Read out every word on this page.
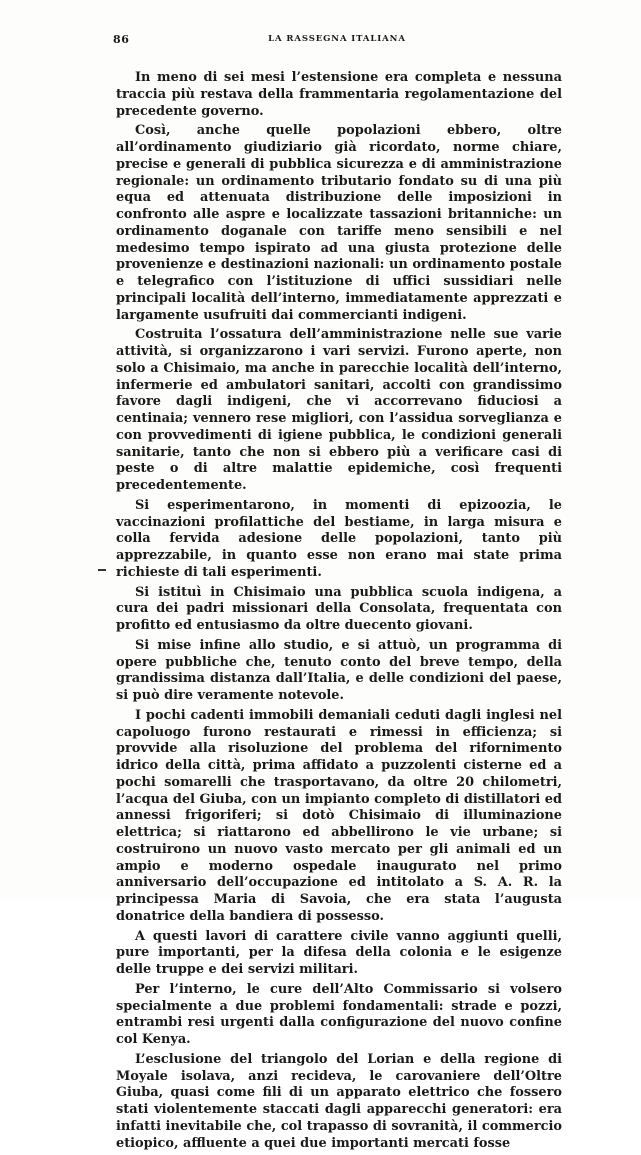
86	LA RASSEGNA ITALIANA

In meno di sei mesi l’estensione era completa e nessuna traccia più restava della frammentaria regolamentazione del precedente governo.

Così, anche quelle popolazioni ebbero, oltre all’ordinamento giudiziario già ricordato, norme chiare, precise e generali di pubblica sicurezza e di amministrazione regionale: un ordinamento tributario fondato su di una più equa ed attenuata distribuzione delle imposizioni in confronto alle aspre e localizzate tassazioni britanniche: un ordinamento doganale con tariffe meno sensibili e nel medesimo tempo ispirato ad una giusta protezione delle provenienze e destinazioni nazionali: un ordinamento postale e telegrafico con l’istituzione di uffici sussidiari nelle principali località dell’interno, immediatamente apprezzati e largamente usufruiti dai commercianti indigeni.

Costruita l’ossatura dell’amministrazione nelle sue varie attività, si organizzarono i vari servizi. Furono aperte, non solo a Chisimaio, ma anche in parecchie località dell’interno, infermerie ed ambulatori sanitari, accolti con grandissimo favore dagli indigeni, che vi accorrevano fiduciosi a centinaia; vennero rese migliori, con l’assidua sorveglianza e con provvedimenti di igiene pubblica, le condizioni generali sanitarie, tanto che non si ebbero più a verificare casi di peste o di altre malattie epidemiche, così frequenti precedentemente.

Si esperimentarono, in momenti di epizoozia, le vaccinazioni profilattiche del bestiame, in larga misura e colla fervida adesione delle popolazioni, tanto più apprezzabile, in quanto esse non erano mai state prima richieste di tali esperimenti.

Si istituì in Chisimaio una pubblica scuola indigena, a cura dei padri missionari della Consolata, frequentata con profitto ed entusiasmo da oltre duecento giovani.

Si mise infine allo studio, e si attuò, un programma di opere pubbliche che, tenuto conto del breve tempo, della grandissima distanza dall’Italia, e delle condizioni del paese, si può dire veramente notevole.

I pochi cadenti immobili demaniali ceduti dagli inglesi nel capoluogo furono restaurati e rimessi in efficienza; si provvide alla risoluzione del problema del rifornimento idrico della città, prima affidato a puzzolenti cisterne ed a pochi somarelli che trasportavano, da oltre 20 chilometri, l’acqua del Giuba, con un impianto completo di distillatori ed annessi frigoriferi; si dotò Chisimaio di illuminazione elettrica; si riattarono ed abbellirono le vie urbane; si costruirono un nuovo vasto mercato per gli animali ed un ampio e moderno ospedale inaugurato nel primo anniversario dell’occupazione ed intitolato a S. A. R. la principessa Maria di Savoia, che era stata l’augusta donatrice della bandiera di possesso.

A questi lavori di carattere civile vanno aggiunti quelli, pure importanti, per la difesa della colonia e le esigenze delle truppe e dei servizi militari.

Per l’interno, le cure dell’Alto Commissario si volsero specialmente a due problemi fondamentali: strade e pozzi, entrambi resi urgenti dalla configurazione del nuovo confine col Kenya.

L’esclusione del triangolo del Lorian e della regione di Moyale isolava, anzi recideva, le carovaniere dell’Oltre Giuba, quasi come fili di un apparato elettrico che fossero stati violentemente staccati dagli apparecchi generatori: era infatti inevitabile che, col trapasso di sovranità, il commercio etiopico, affluente a quei due importanti mercati fosse
